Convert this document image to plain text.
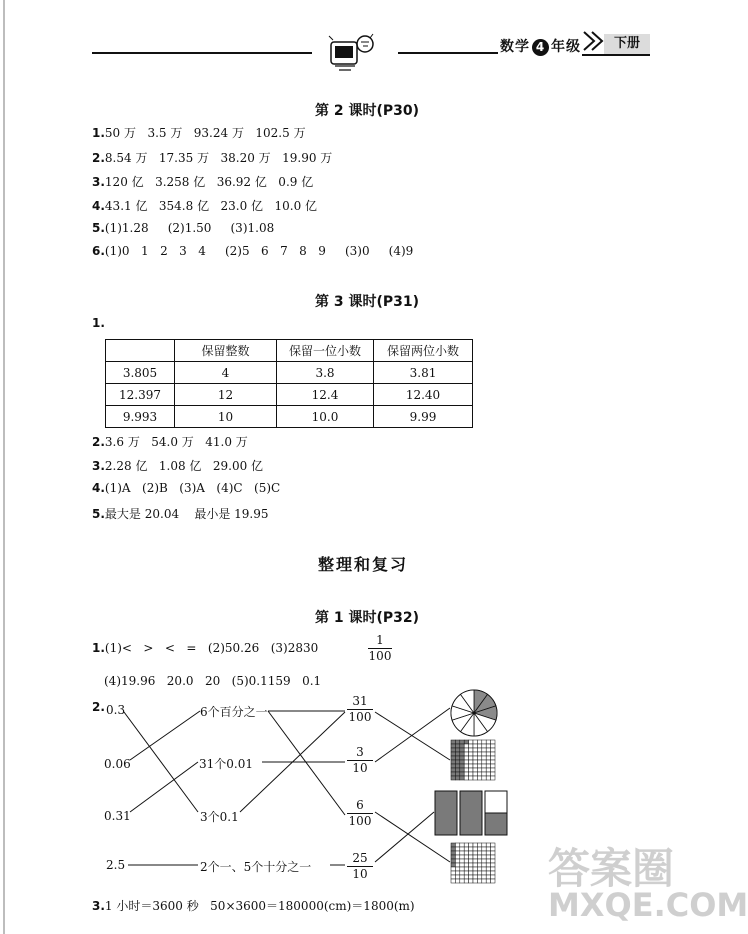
数学 4 年级	下册
第 2 课时(P30)
1.50 万   3.5 万   93.24 万   102.5 万
2.8.54 万   17.35 万   38.20 万   19.90 万
3.120 亿   3.258 亿   36.92 亿   0.9 亿
4.43.1 亿   354.8 亿   23.0 亿   10.0 亿
5.(1)1.28     (2)1.50     (3)1.08
6.(1)0   1   2   3   4     (2)5   6   7   8   9     (3)0     (4)9
第 3 课时(P31)
1.
	保留整数	保留一位小数	保留两位小数
3.805	4	3.8	3.81
12.397	12	12.4	12.40
9.993	10	10.0	9.99
2.3.6 万   54.0 万   41.0 万
3.2.28 亿   1.08 亿   29.00 亿
4.(1)A   (2)B   (3)A   (4)C   (5)C
5.最大是 20.04    最小是 19.95
整理和复习
第 1 课时(P32)
1.(1)<   >   <   =   (2)50.26   (3)2830
1
100
(4)19.96   20.0   20   (5)0.1159   0.1
2. 0.3
0.06
0.31
2.5
6个百分之一
31个0.01
3个0.1
2个一、5个十分之一
31
100
3
10
6
100
25
10
3.1 小时＝3600 秒   50×3600＝180000(cm)＝1800(m)
答案圈
MXQE.COM
